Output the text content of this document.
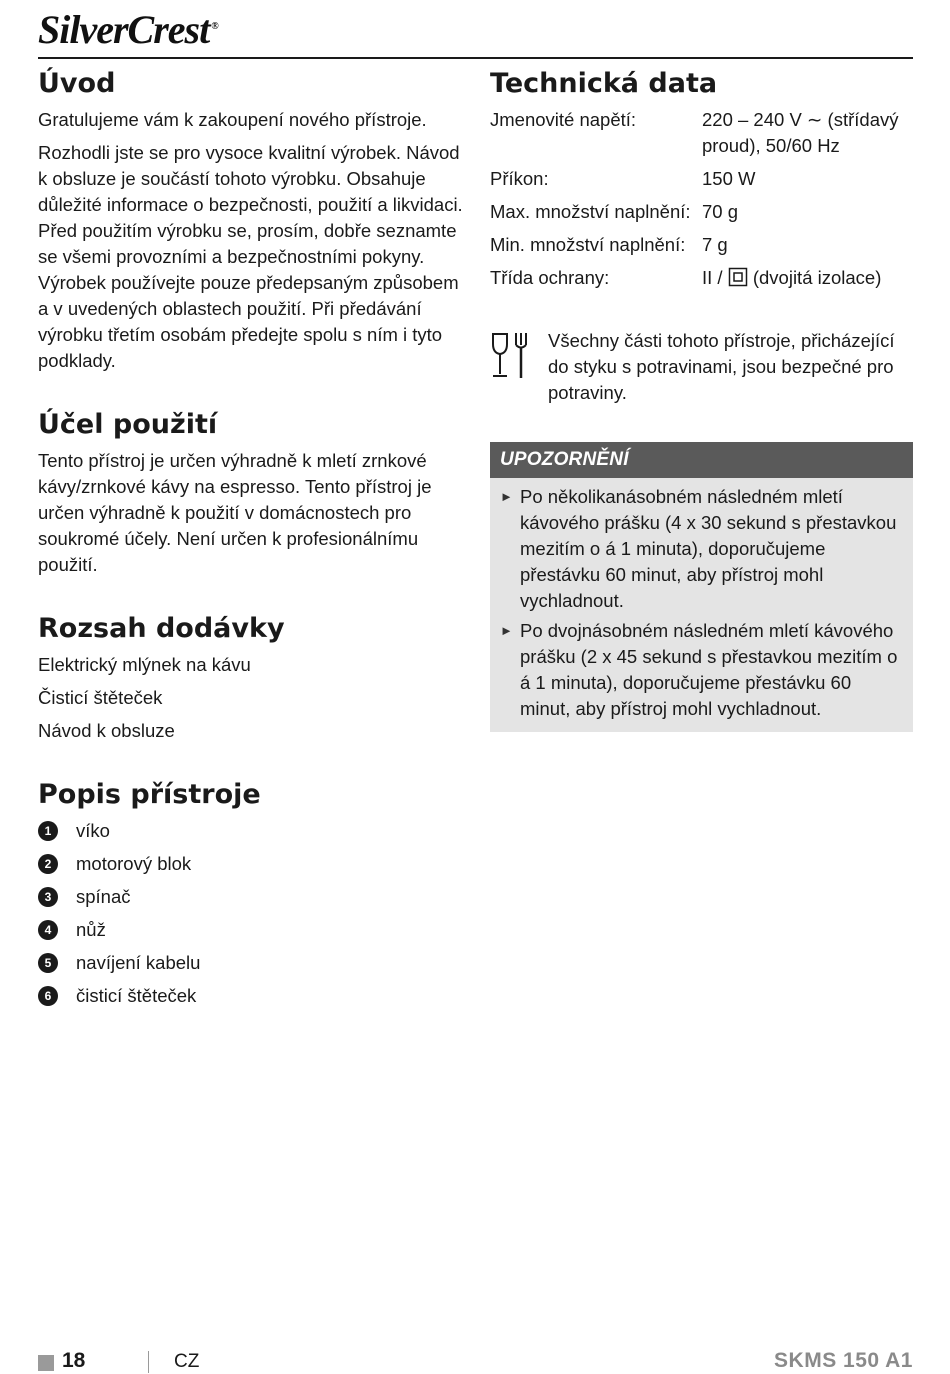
SilverCrest ®
Úvod

Gratulujeme vám k zakoupení nového přístroje.

Rozhodli jste se pro vysoce kvalitní výrobek. Návod k obsluze je součástí tohoto výrobku. Obsahuje důležité informace o bezpečnosti, použití a likvidaci. Před použitím výrobku se, prosím, dobře seznamte se všemi provozními a bezpečnostními pokyny. Výrobek používejte pouze předepsaným způsobem a v uvedených oblastech použití. Při předávání výrobku třetím osobám předejte spolu s ním i tyto podklady.

Účel použití

Tento přístroj je určen výhradně k mletí zrnkové kávy/zrnkové kávy na espresso. Tento přístroj je určen výhradně k použití v domácnostech pro soukromé účely. Není určen k profesionálnímu použití.

Rozsah dodávky

Elektrický mlýnek na kávu

Čisticí štěteček

Návod k obsluze

Popis přístroje
1	víko
2	motorový blok
3	spínač
4	nůž
5	navíjení kabelu
6	čisticí štěteček
Technická data
Jmenovité napětí:	220 – 240 V ∼ (střídavý proud), 50/60 Hz
Příkon:	150 W
Max. množství naplnění:	70 g
Min. množství naplnění:	7 g
Třída ochrany:	II /  (dvojitá izolace)

Všechny části tohoto přístroje, přicházející do styku s potravinami, jsou bezpečné pro potraviny.

UPOZORNĚNÍ
► Po několikanásobném následném mletí kávového prášku (4 x 30 sekund s přestavkou mezitím o á 1 minuta), doporučujeme přestávku 60 minut, aby přístroj mohl vychladnout.
► Po dvojnásobném následném mletí kávového prášku (2 x 45 sekund s přestavkou mezitím o á 1 minuta), doporučujeme přestávku 60 minut, aby přístroj mohl vychladnout.
18	CZ	SKMS 150 A1
